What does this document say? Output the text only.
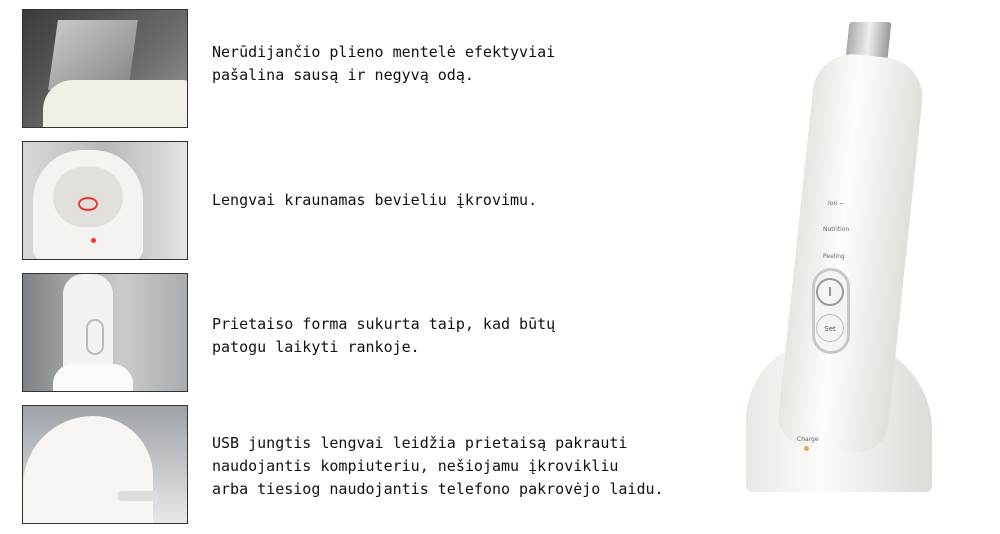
Nerūdijančio plieno mentelė efektyviai
pašalina sausą ir negyvą odą.
Lengvai kraunamas bevieliu įkrovimu.
Prietaiso forma sukurta taip, kad būtų
patogu laikyti rankoje.
USB jungtis lengvai leidžia prietaisą pakrauti
naudojantis kompiuteriu, nešiojamu įkrovikliu
arba tiesiog naudojantis telefono pakrovėjo laidu.
Ion −
Nutrition
Peeling
I
Set
Charge
